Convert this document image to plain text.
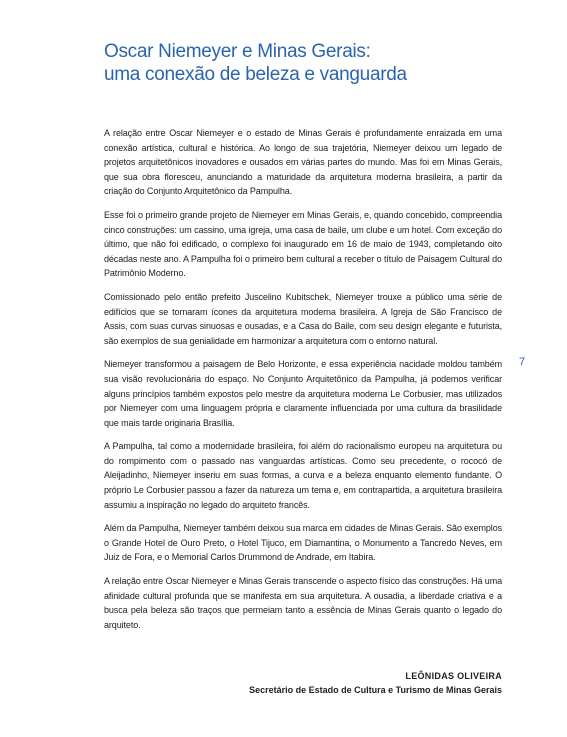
Oscar Niemeyer e Minas Gerais:
uma conexão de beleza e vanguarda

A relação entre Oscar Niemeyer e o estado de Minas Gerais é profundamente enraizada em uma conexão artística, cultural e histórica. Ao longo de sua trajetória, Niemeyer deixou um legado de projetos arquitetônicos inovadores e ousados em várias partes do mundo. Mas foi em Minas Gerais, que sua obra floresceu, anunciando a maturidade da arquitetura moderna brasileira, a partir da criação do Conjunto Arquitetônico da Pampulha.

Esse foi o primeiro grande projeto de Niemeyer em Minas Gerais, e, quando concebido, compreendia cinco construções: um cassino, uma igreja, uma casa de baile, um clube e um hotel. Com exceção do último, que não foi edificado, o complexo foi inaugurado em 16 de maio de 1943, completando oito décadas neste ano. A Pampulha foi o primeiro bem cultural a receber o título de Paisagem Cultural do Patrimônio Moderno.

Comissionado pelo então prefeito Juscelino Kubitschek, Niemeyer trouxe a público uma série de edifícios que se tornaram ícones da arquitetura moderna brasileira. A Igreja de São Francisco de Assis, com suas curvas sinuosas e ousadas, e a Casa do Baile, com seu design elegante e futurista, são exemplos de sua genialidade em harmonizar a arquitetura com o entorno natural.

Niemeyer transformou a paisagem de Belo Horizonte, e essa experiência nacidade moldou também sua visão revolucionária do espaço. No Conjunto Arquitetônico da Pampulha, já podemos verificar alguns princípios também expostos pelo mestre da arquitetura moderna Le Corbusier, mas utilizados por Niemeyer com uma linguagem própria e claramente influenciada por uma cultura da brasilidade que mais tarde originaria Brasília.

A Pampulha, tal como a modernidade brasileira, foi além do racionalismo europeu na arquitetura ou do rompimento com o passado nas vanguardas artísticas. Como seu precedente, o rococó de Aleijadinho, Niemeyer inseriu em suas formas, a curva e a beleza enquanto elemento fundante. O próprio Le Corbusier passou a fazer da natureza um tema e, em contrapartida, a arquitetura brasileira assumiu a inspiração no legado do arquiteto francês.

Além da Pampulha, Niemeyer também deixou sua marca em cidades de Minas Gerais. São exemplos o Grande Hotel de Ouro Preto, o Hotel Tijuco, em Diamantina, o Monumento a Tancredo Neves, em Juiz de Fora, e o Memorial Carlos Drummond de Andrade, em Itabira.

A relação entre Oscar Niemeyer e Minas Gerais transcende o aspecto físico das construções. Há uma afinidade cultural profunda que se manifesta em sua arquitetura. A ousadia, a liberdade criativa e a busca pela beleza são traços que permeiam tanto a essência de Minas Gerais quanto o legado do arquiteto.

LEÔNIDAS OLIVEIRA
Secretário de Estado de Cultura e Turismo de Minas Gerais
7
